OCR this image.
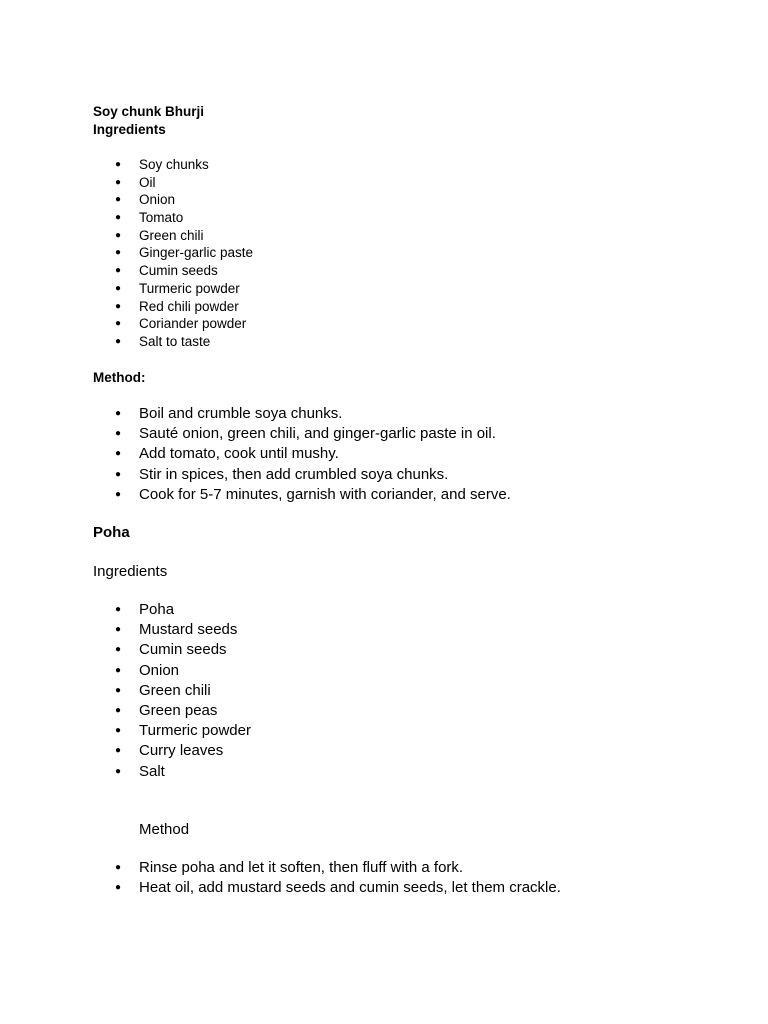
Soy chunk Bhurji
Ingredients
● Soy chunks
● Oil
● Onion
● Tomato
● Green chili
● Ginger-garlic paste
● Cumin seeds
● Turmeric powder
● Red chili powder
● Coriander powder
● Salt to taste
Method:
● Boil and crumble soya chunks.
● Sauté onion, green chili, and ginger-garlic paste in oil.
● Add tomato, cook until mushy.
● Stir in spices, then add crumbled soya chunks.
● Cook for 5-7 minutes, garnish with coriander, and serve.
Poha
Ingredients
● Poha
● Mustard seeds
● Cumin seeds
● Onion
● Green chili
● Green peas
● Turmeric powder
● Curry leaves
● Salt
Method
● Rinse poha and let it soften, then fluff with a fork.
● Heat oil, add mustard seeds and cumin seeds, let them crackle.
